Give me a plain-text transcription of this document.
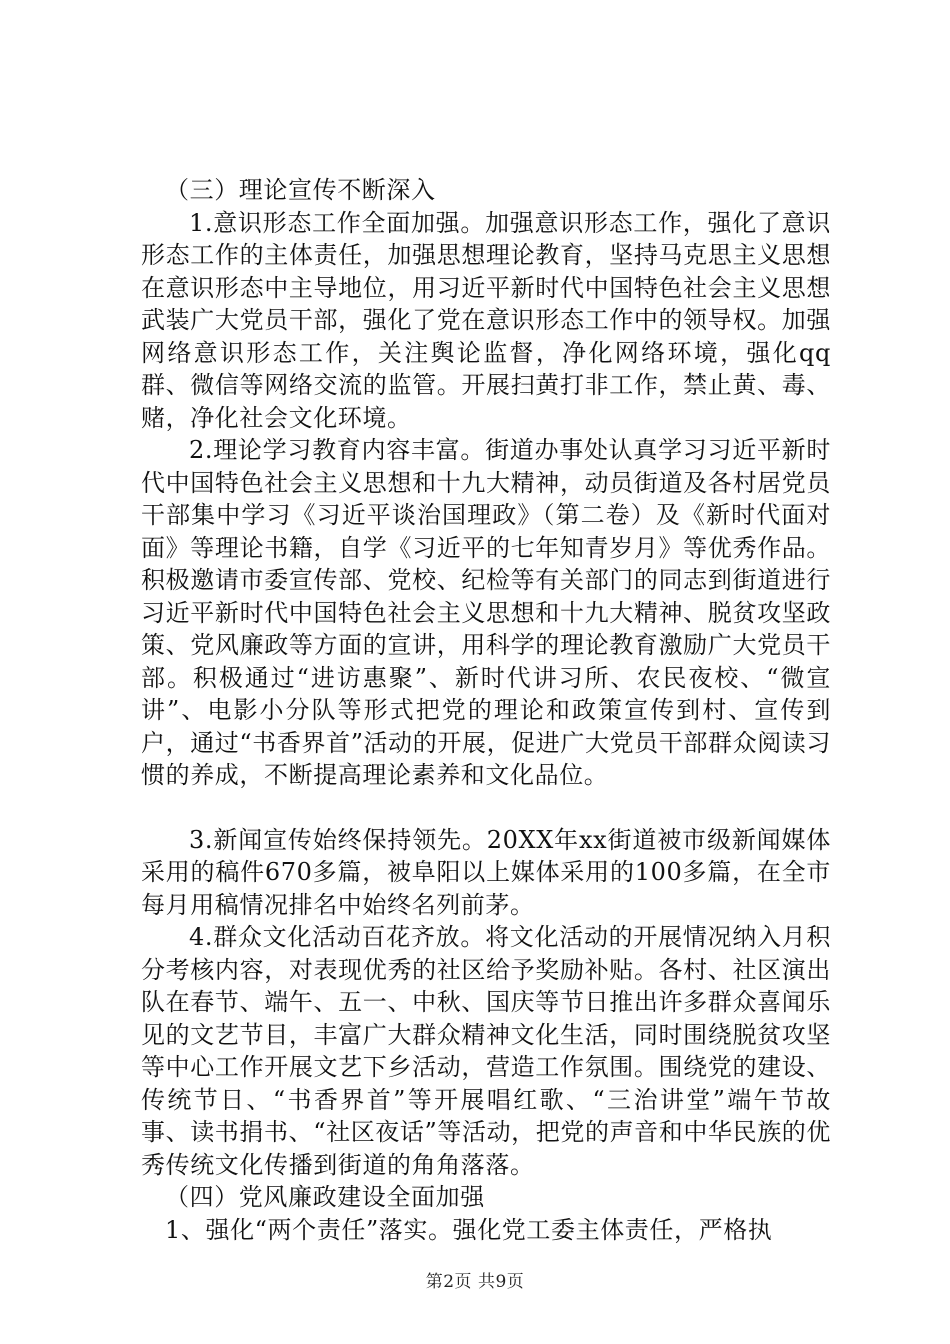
（三）理论宣传不断深入

1.意识形态工作全面加强。加强意识形态工作，强化了意识形态工作的主体责任，加强思想理论教育，坚持马克思主义思想在意识形态中主导地位，用习近平新时代中国特色社会主义思想武装广大党员干部，强化了党在意识形态工作中的领导权。加强网络意识形态工作，关注舆论监督，净化网络环境，强化qq群、微信等网络交流的监管。开展扫黄打非工作，禁止黄、毒、赌，净化社会文化环境。

2.理论学习教育内容丰富。街道办事处认真学习习近平新时代中国特色社会主义思想和十九大精神，动员街道及各村居党员干部集中学习《习近平谈治国理政》（第二卷）及《新时代面对面》等理论书籍，自学《习近平的七年知青岁月》等优秀作品。积极邀请市委宣传部、党校、纪检等有关部门的同志到街道进行习近平新时代中国特色社会主义思想和十九大精神、脱贫攻坚政策、党风廉政等方面的宣讲，用科学的理论教育激励广大党员干部。积极通过“进访惠聚”、新时代讲习所、农民夜校、“微宣讲”、电影小分队等形式把党的理论和政策宣传到村、宣传到户，通过“书香界首”活动的开展，促进广大党员干部群众阅读习惯的养成，不断提高理论素养和文化品位。

3.新闻宣传始终保持领先。20XX年xx街道被市级新闻媒体采用的稿件670多篇，被阜阳以上媒体采用的100多篇，在全市每月用稿情况排名中始终名列前茅。

4.群众文化活动百花齐放。将文化活动的开展情况纳入月积分考核内容，对表现优秀的社区给予奖励补贴。各村、社区演出队在春节、端午、五一、中秋、国庆等节日推出许多群众喜闻乐见的文艺节目，丰富广大群众精神文化生活，同时围绕脱贫攻坚等中心工作开展文艺下乡活动，营造工作氛围。围绕党的建设、传统节日、“书香界首”等开展唱红歌、“三治讲堂”端午节故事、读书捐书、“社区夜话”等活动，把党的声音和中华民族的优秀传统文化传播到街道的角角落落。

（四）党风廉政建设全面加强

1、强化“两个责任”落实。强化党工委主体责任，严格执

第2页 共9页
